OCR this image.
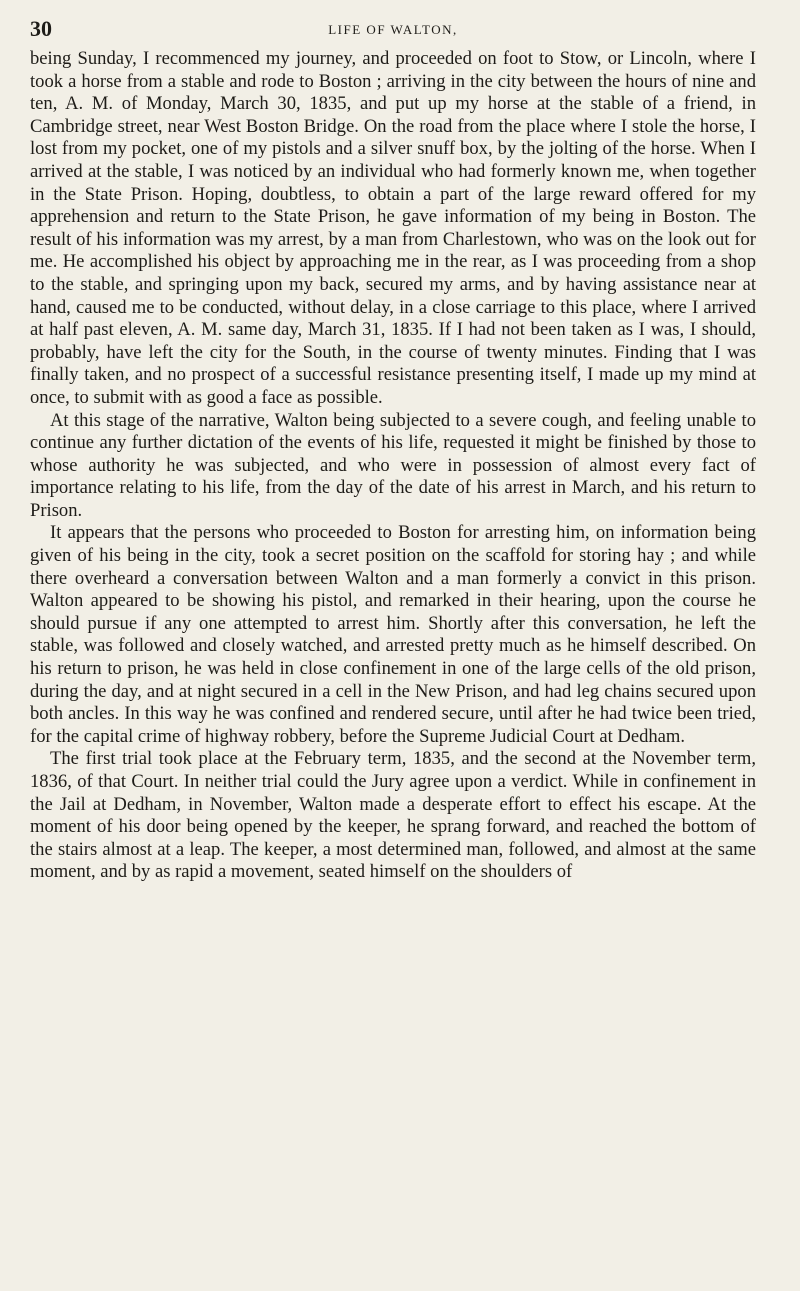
30	LIFE OF WALTON,

being Sunday, I recommenced my journey, and proceeded on foot to Stow, or Lincoln, where I took a horse from a stable and rode to Boston ; arriving in the city between the hours of nine and ten, A. M. of Monday, March 30, 1835, and put up my horse at the stable of a friend, in Cambridge street, near West Boston Bridge. On the road from the place where I stole the horse, I lost from my pocket, one of my pistols and a silver snuff box, by the jolting of the horse. When I arrived at the stable, I was noticed by an individual who had formerly known me, when together in the State Prison. Hoping, doubtless, to obtain a part of the large reward offered for my apprehension and return to the State Prison, he gave information of my being in Boston. The result of his information was my arrest, by a man from Charlestown, who was on the look out for me. He accomplished his object by approaching me in the rear, as I was proceeding from a shop to the stable, and springing upon my back, secured my arms, and by having assistance near at hand, caused me to be conducted, without delay, in a close carriage to this place, where I arrived at half past eleven, A. M. same day, March 31, 1835. If I had not been taken as I was, I should, probably, have left the city for the South, in the course of twenty minutes. Finding that I was finally taken, and no prospect of a successful resistance presenting itself, I made up my mind at once, to submit with as good a face as possible.

At this stage of the narrative, Walton being subjected to a severe cough, and feeling unable to continue any further dictation of the events of his life, requested it might be finished by those to whose authority he was subjected, and who were in possession of almost every fact of importance relating to his life, from the day of the date of his arrest in March, and his return to Prison.

It appears that the persons who proceeded to Boston for arresting him, on information being given of his being in the city, took a secret position on the scaffold for storing hay ; and while there overheard a conversation between Walton and a man formerly a convict in this prison. Walton appeared to be showing his pistol, and remarked in their hearing, upon the course he should pursue if any one attempted to arrest him. Shortly after this conversation, he left the stable, was followed and closely watched, and arrested pretty much as he himself described. On his return to prison, he was held in close confinement in one of the large cells of the old prison, during the day, and at night secured in a cell in the New Prison, and had leg chains secured upon both ancles. In this way he was confined and rendered secure, until after he had twice been tried, for the capital crime of highway robbery, before the Supreme Judicial Court at Dedham.

The first trial took place at the February term, 1835, and the second at the November term, 1836, of that Court. In neither trial could the Jury agree upon a verdict. While in confinement in the Jail at Dedham, in November, Walton made a desperate effort to effect his escape. At the moment of his door being opened by the keeper, he sprang forward, and reached the bottom of the stairs almost at a leap. The keeper, a most determined man, followed, and almost at the same moment, and by as rapid a movement, seated himself on the shoulders of
